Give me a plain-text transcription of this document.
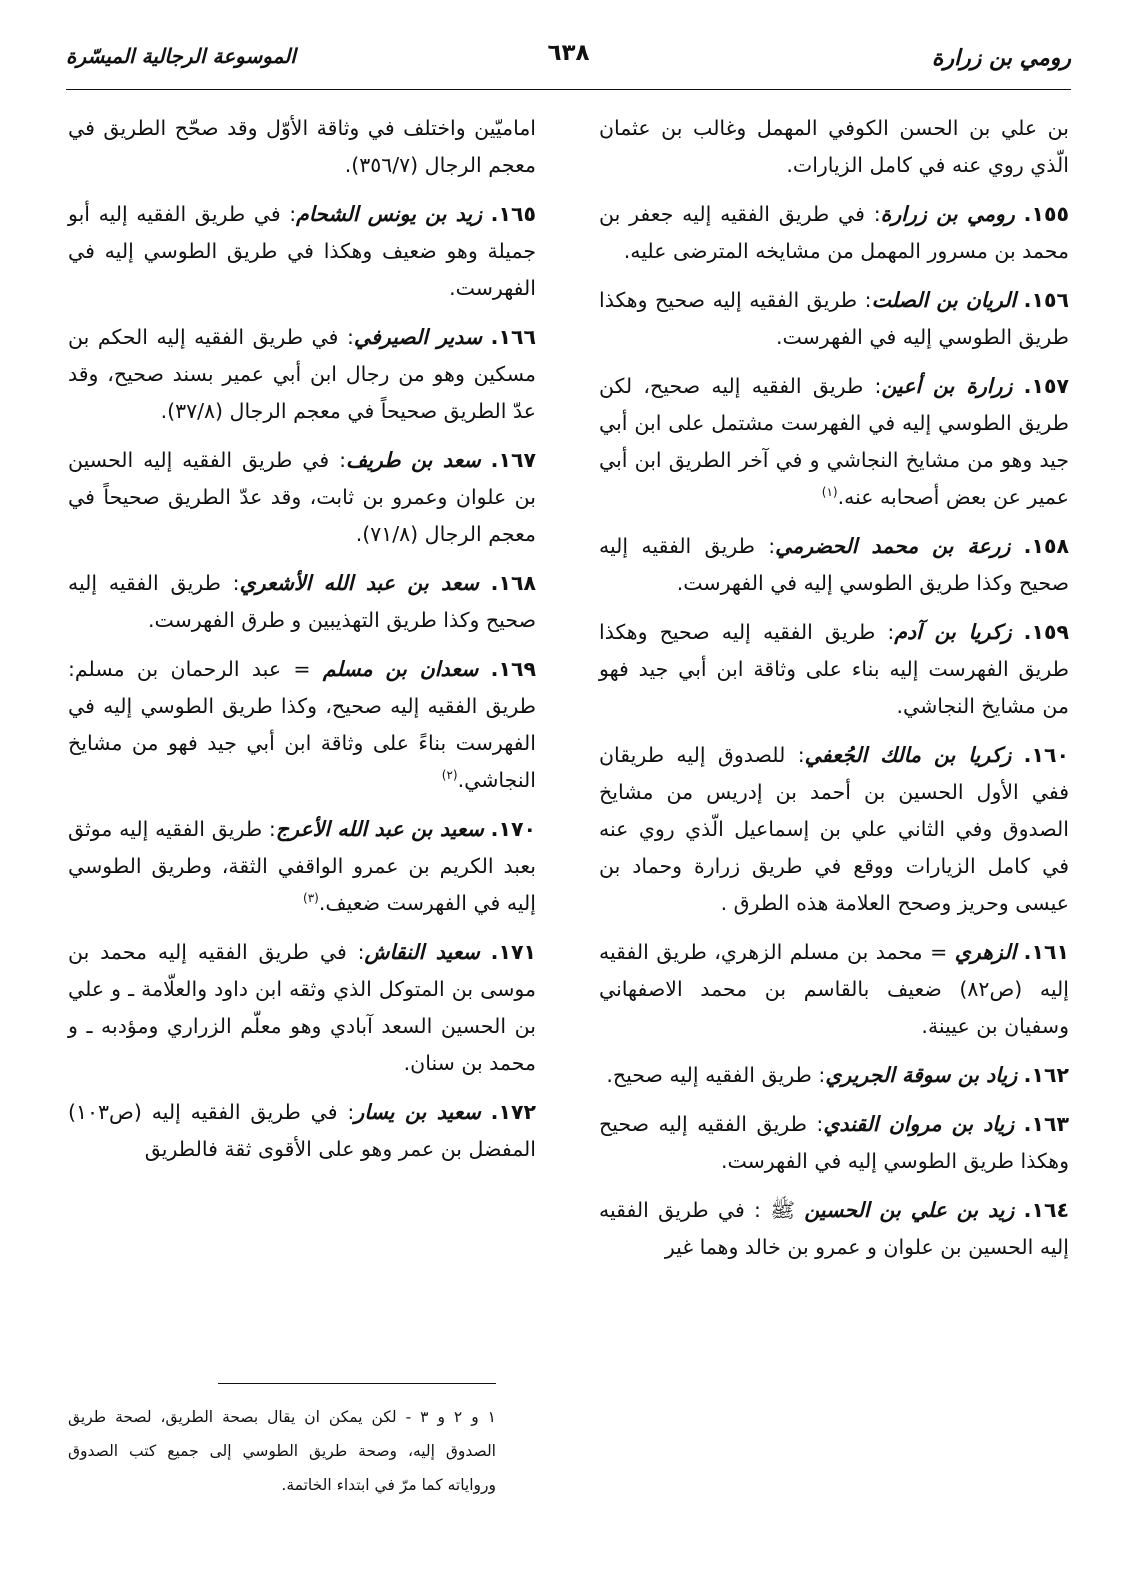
رومي بن زرارة
٦٣٨
الموسوعة الرجالية الميسّرة

بن علي بن الحسن الكوفي المهمل وغالب بن عثمان الّذي روي عنه في كامل الزيارات.

١٥٥. رومي بن زرارة: في طريق الفقيه إليه جعفر بن محمد بن مسرور المهمل من مشايخه المترضى عليه.

١٥٦. الريان بن الصلت: طريق الفقيه إليه صحيح وهكذا طريق الطوسي إليه في الفهرست.

١٥٧. زرارة بن أعين: طريق الفقيه إليه صحيح، لكن طريق الطوسي إليه في الفهرست مشتمل على ابن أبي جيد وهو من مشايخ النجاشي و في آخر الطريق ابن أبي عمير عن بعض أصحابه عنه.$^{(١)}$

١٥٨. زرعة بن محمد الحضرمي: طريق الفقيه إليه صحيح وكذا طريق الطوسي إليه في الفهرست.

١٥٩. زكريا بن آدم: طريق الفقيه إليه صحيح وهكذا طريق الفهرست إليه بناء على وثاقة ابن أبي جيد فهو من مشايخ النجاشي.

١٦٠. زكريا بن مالك الجُعفي: للصدوق إليه طريقان ففي الأول الحسين بن أحمد بن إدريس من مشايخ الصدوق وفي الثاني علي بن إسماعيل الّذي روي عنه في كامل الزيارات ووقع في طريق زرارة وحماد بن عيسى وحريز وصحح العلامة هذه الطرق .

١٦١. الزهري = محمد بن مسلم الزهري، طريق الفقيه إليه (ص٨٢) ضعيف بالقاسم بن محمد الاصفهاني وسفيان بن عيينة.

١٦٢. زياد بن سوقة الجريري: طريق الفقيه إليه صحيح.

١٦٣. زياد بن مروان القندي: طريق الفقيه إليه صحيح وهكذا طريق الطوسي إليه في الفهرست.

١٦٤. زيد بن علي بن الحسين ﷺ : في طريق الفقيه إليه الحسين بن علوان و عمرو بن خالد وهما غير

اماميّين واختلف في وثاقة الأوّل وقد صحّح الطريق في معجم الرجال (٣٥٦/٧).

١٦٥. زيد بن يونس الشحام: في طريق الفقيه إليه أبو جميلة وهو ضعيف وهكذا في طريق الطوسي إليه في الفهرست.

١٦٦. سدير الصيرفي: في طريق الفقيه إليه الحكم بن مسكين وهو من رجال ابن أبي عمير بسند صحيح، وقد عدّ الطريق صحيحاً في معجم الرجال (٣٧/٨).

١٦٧. سعد بن طريف: في طريق الفقيه إليه الحسين بن علوان وعمرو بن ثابت، وقد عدّ الطريق صحيحاً في معجم الرجال (٧١/٨).

١٦٨. سعد بن عبد الله الأشعري: طريق الفقيه إليه صحيح وكذا طريق التهذيبين و طرق الفهرست.

١٦٩. سعدان بن مسلم = عبد الرحمان بن مسلم: طريق الفقيه إليه صحيح، وكذا طريق الطوسي إليه في الفهرست بناءً على وثاقة ابن أبي جيد فهو من مشايخ النجاشي.$^{(٢)}$

١٧٠. سعيد بن عبد الله الأعرج: طريق الفقيه إليه موثق بعبد الكريم بن عمرو الواقفي الثقة، وطريق الطوسي إليه في الفهرست ضعيف.$^{(٣)}$

١٧١. سعيد النقاش: في طريق الفقيه إليه محمد بن موسى بن المتوكل الذي وثقه ابن داود والعلّامة ـ و علي بن الحسين السعد آبادي وهو معلّم الزراري ومؤدبه ـ و محمد بن سنان.

١٧٢. سعيد بن يسار: في طريق الفقيه إليه (ص١٠٣) المفضل بن عمر وهو على الأقوى ثقة فالطريق

١ و ٢ و ٣ - لكن يمكن ان يقال بصحة الطريق، لصحة طريق الصدوق إليه، وصحة طريق الطوسي إلى جميع كتب الصدوق ورواياته كما مرّ في ابتداء الخاتمة.
